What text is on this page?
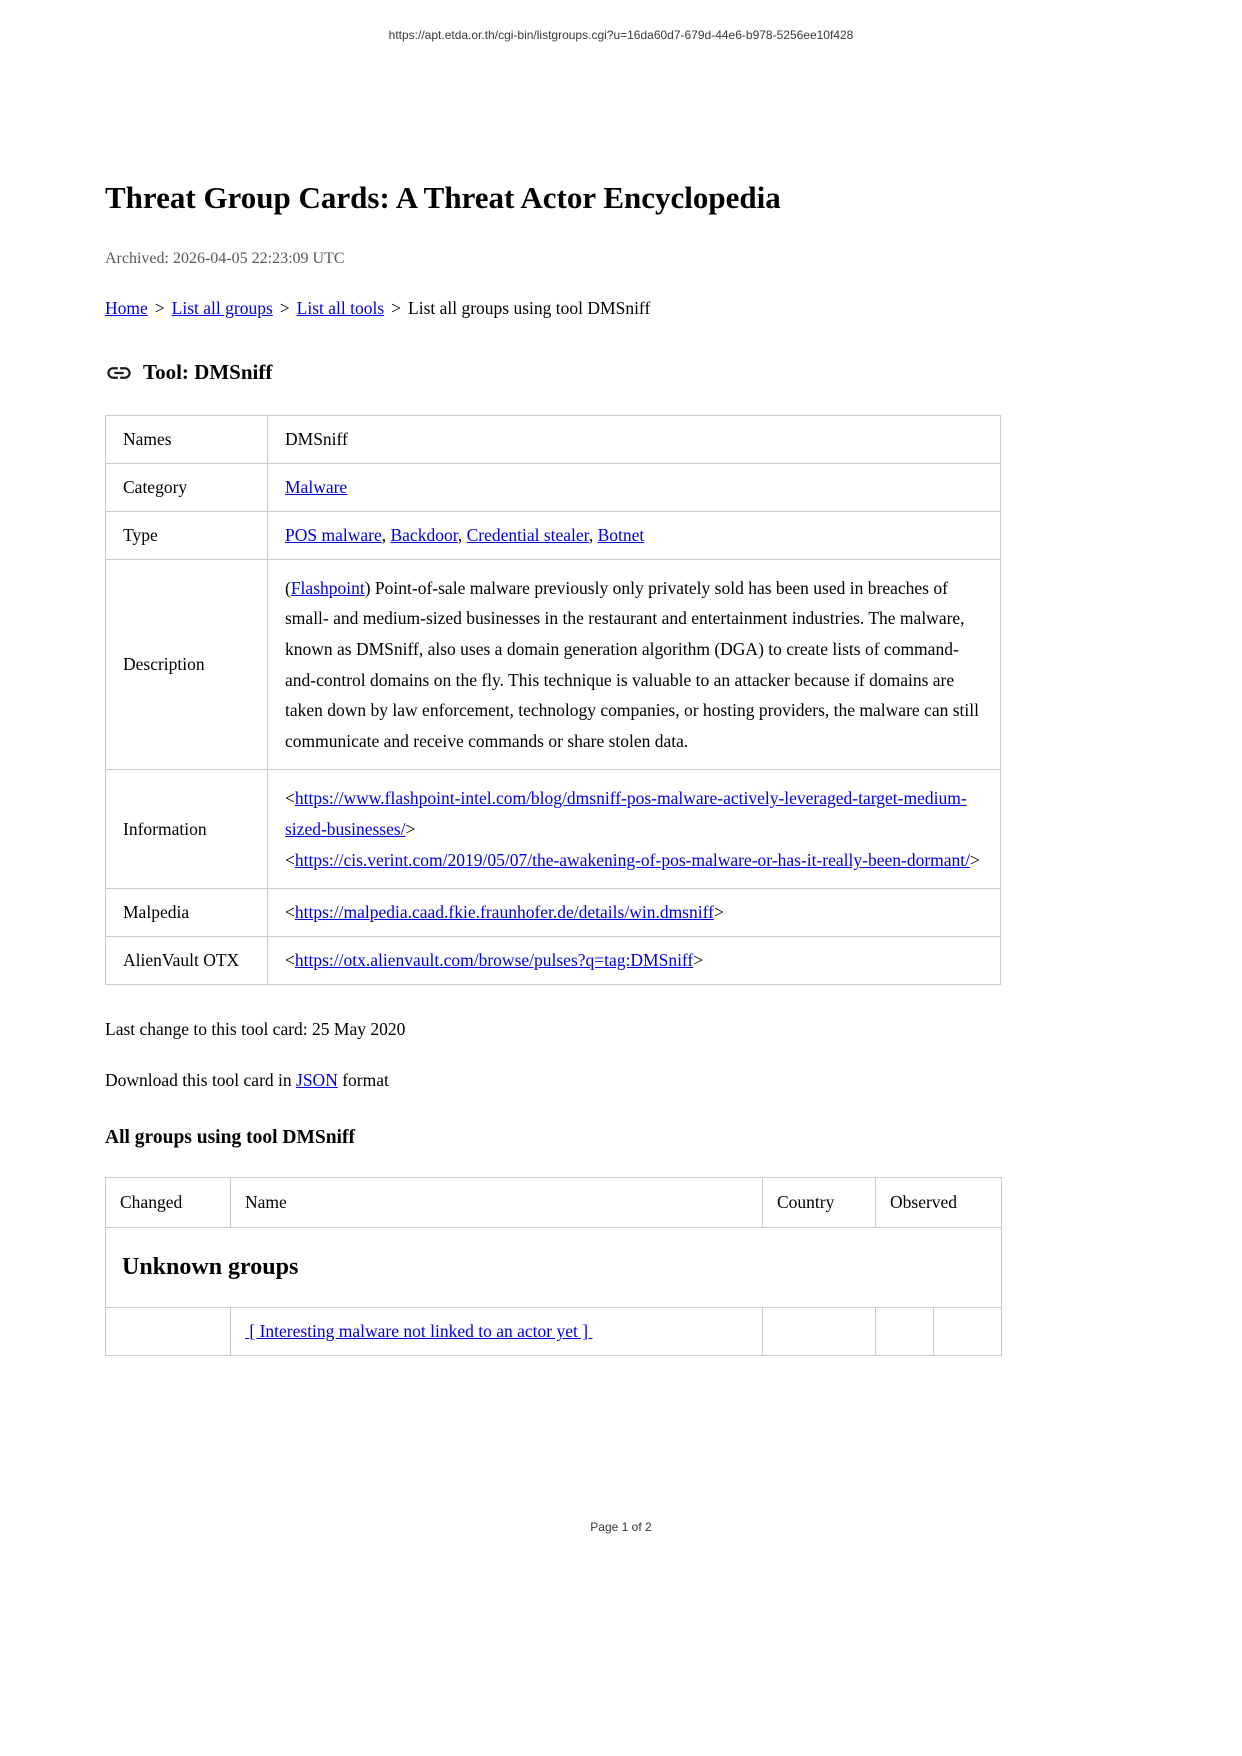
https://apt.etda.or.th/cgi-bin/listgroups.cgi?u=16da60d7-679d-44e6-b978-5256ee10f428
Threat Group Cards: A Threat Actor Encyclopedia
Archived: 2026-04-05 22:23:09 UTC
Home > List all groups > List all tools > List all groups using tool DMSniff
Tool: DMSniff
Names	DMSniff
Category	Malware
Type	POS malware, Backdoor, Credential stealer, Botnet
Description	(Flashpoint) Point-of-sale malware previously only privately sold has been used in breaches of small- and medium-sized businesses in the restaurant and entertainment industries. The malware, known as DMSniff, also uses a domain generation algorithm (DGA) to create lists of command-and-control domains on the fly. This technique is valuable to an attacker because if domains are taken down by law enforcement, technology companies, or hosting providers, the malware can still communicate and receive commands or share stolen data.
Information	<https://www.flashpoint-intel.com/blog/dmsniff-pos-malware-actively-leveraged-target-medium-sized-businesses/>
<https://cis.verint.com/2019/05/07/the-awakening-of-pos-malware-or-has-it-really-been-dormant/>

Malpedia	<https://malpedia.caad.fkie.fraunhofer.de/details/win.dmsniff>
AlienVault OTX	<https://otx.alienvault.com/browse/pulses?q=tag:DMSniff>
Last change to this tool card: 25 May 2020
Download this tool card in JSON format
All groups using tool DMSniff
Changed	Name	Country	Observed	
Unknown groups				
	[ Interesting malware not linked to an actor yet ]			
Page 1 of 2
